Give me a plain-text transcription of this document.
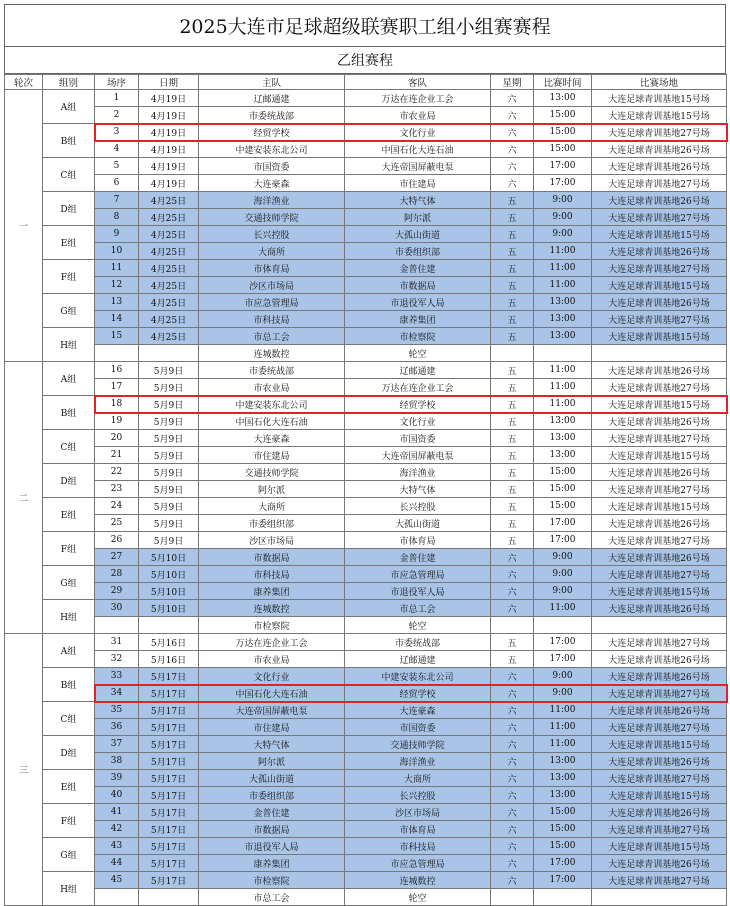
2025大连市足球超级联赛职工组小组赛赛程
乙组赛程
轮次	组别	场序	日期	主队	客队	星期	比赛时间	比赛场地
一	A组	1	4月19日	辽邮通建	万达在连企业工会	六	13:00	大连足球青训基地15号场
		2	4月19日	市委统战部	市农业局	六	15:00	大连足球青训基地15号场
	B组	3	4月19日	经贸学校	文化行业	六	15:00	大连足球青训基地27号场
		4	4月19日	中建安装东北公司	中国石化大连石油	六	15:00	大连足球青训基地26号场
	C组	5	4月19日	市国资委	大连帝国屏蔽电泵	六	17:00	大连足球青训基地26号场
		6	4月19日	大连豪森	市住建局	六	17:00	大连足球青训基地27号场
	D组	7	4月25日	海洋渔业	大特气体	五	9:00	大连足球青训基地26号场
		8	4月25日	交通技师学院	阿尔派	五	9:00	大连足球青训基地27号场
	E组	9	4月25日	长兴控股	大孤山街道	五	9:00	大连足球青训基地15号场
		10	4月25日	大商所	市委组织部	五	11:00	大连足球青训基地26号场
	F组	11	4月25日	市体育局	金普住建	五	11:00	大连足球青训基地27号场
		12	4月25日	沙区市场局	市数据局	五	11:00	大连足球青训基地15号场
	G组	13	4月25日	市应急管理局	市退役军人局	五	13:00	大连足球青训基地26号场
		14	4月25日	市科技局	康养集团	五	13:00	大连足球青训基地27号场
	H组	15	4月25日	市总工会	市检察院	五	13:00	大连足球青训基地15号场
				连城数控	轮空			
二	A组	16	5月9日	市委统战部	辽邮通建	五	11:00	大连足球青训基地26号场
		17	5月9日	市农业局	万达在连企业工会	五	11:00	大连足球青训基地27号场
	B组	18	5月9日	中建安装东北公司	经贸学校	五	11:00	大连足球青训基地15号场
		19	5月9日	中国石化大连石油	文化行业	五	13:00	大连足球青训基地26号场
	C组	20	5月9日	大连豪森	市国资委	五	13:00	大连足球青训基地27号场
		21	5月9日	市住建局	大连帝国屏蔽电泵	五	13:00	大连足球青训基地15号场
	D组	22	5月9日	交通技师学院	海洋渔业	五	15:00	大连足球青训基地26号场
		23	5月9日	阿尔派	大特气体	五	15:00	大连足球青训基地27号场
	E组	24	5月9日	大商所	长兴控股	五	15:00	大连足球青训基地15号场
		25	5月9日	市委组织部	大孤山街道	五	17:00	大连足球青训基地26号场
	F组	26	5月9日	沙区市场局	市体育局	五	17:00	大连足球青训基地27号场
		27	5月10日	市数据局	金普住建	六	9:00	大连足球青训基地26号场
	G组	28	5月10日	市科技局	市应急管理局	六	9:00	大连足球青训基地27号场
		29	5月10日	康养集团	市退役军人局	六	9:00	大连足球青训基地15号场
	H组	30	5月10日	连城数控	市总工会	六	11:00	大连足球青训基地26号场
				市检察院	轮空			
三	A组	31	5月16日	万达在连企业工会	市委统战部	五	17:00	大连足球青训基地27号场
		32	5月16日	市农业局	辽邮通建	五	17:00	大连足球青训基地26号场
	B组	33	5月17日	文化行业	中建安装东北公司	六	9:00	大连足球青训基地26号场
		34	5月17日	中国石化大连石油	经贸学校	六	9:00	大连足球青训基地27号场
	C组	35	5月17日	大连帝国屏蔽电泵	大连豪森	六	11:00	大连足球青训基地26号场
		36	5月17日	市住建局	市国资委	六	11:00	大连足球青训基地27号场
	D组	37	5月17日	大特气体	交通技师学院	六	11:00	大连足球青训基地15号场
		38	5月17日	阿尔派	海洋渔业	六	13:00	大连足球青训基地26号场
	E组	39	5月17日	大孤山街道	大商所	六	13:00	大连足球青训基地27号场
		40	5月17日	市委组织部	长兴控股	六	13:00	大连足球青训基地15号场
	F组	41	5月17日	金普住建	沙区市场局	六	15:00	大连足球青训基地26号场
		42	5月17日	市数据局	市体育局	六	15:00	大连足球青训基地27号场
	G组	43	5月17日	市退役军人局	市科技局	六	15:00	大连足球青训基地15号场
		44	5月17日	康养集团	市应急管理局	六	17:00	大连足球青训基地26号场
	H组	45	5月17日	市检察院	连城数控	六	17:00	大连足球青训基地27号场
				市总工会	轮空			
